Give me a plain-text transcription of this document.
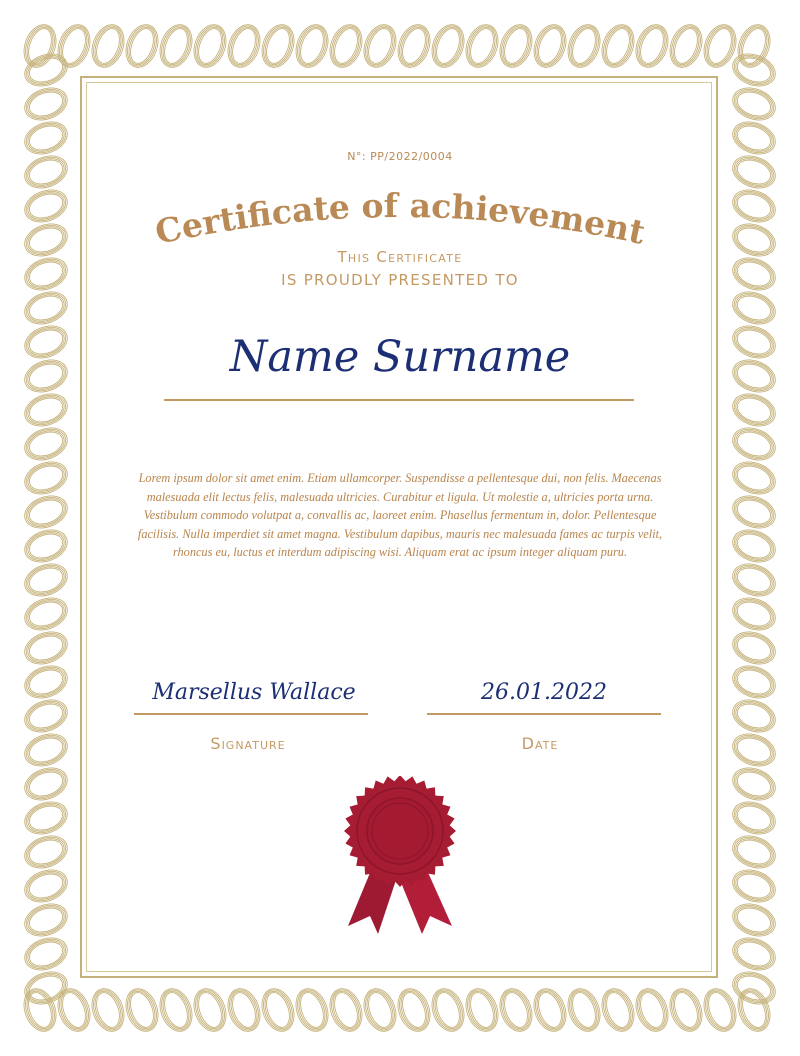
N°: PP/2022/0004
Certificate of achievement
This Certificate
IS PROUDLY PRESENTED TO
Name Surname
Lorem ipsum dolor sit amet enim. Etiam ullamcorper. Suspendisse a pellentesque dui, non felis. Maecenas malesuada elit lectus felis, malesuada ultricies. Curabitur et ligula. Ut molestie a, ultricies porta urna. Vestibulum commodo volutpat a, convallis ac, laoreet enim. Phasellus fermentum in, dolor. Pellentesque facilisis. Nulla imperdiet sit amet magna. Vestibulum dapibus, mauris nec malesuada fames ac turpis velit, rhoncus eu, luctus et interdum adipiscing wisi. Aliquam erat ac ipsum integer aliquam puru.
Marsellus Wallace
Signature
26.01.2022
Date
